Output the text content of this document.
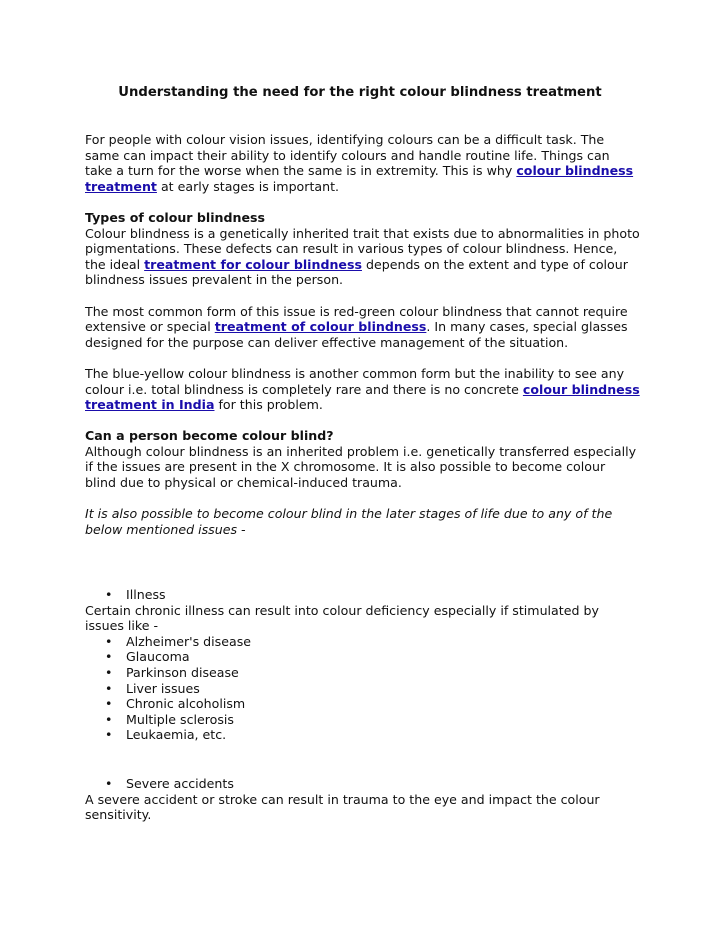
Understanding the need for the right colour blindness treatment

For people with colour vision issues, identifying colours can be a difficult task. The same can impact their ability to identify colours and handle routine life. Things can take a turn for the worse when the same is in extremity. This is why colour blindness treatment at early stages is important.

Types of colour blindness
Colour blindness is a genetically inherited trait that exists due to abnormalities in photo pigmentations. These defects can result in various types of colour blindness. Hence, the ideal treatment for colour blindness depends on the extent and type of colour blindness issues prevalent in the person.

The most common form of this issue is red-green colour blindness that cannot require extensive or special treatment of colour blindness. In many cases, special glasses designed for the purpose can deliver effective management of the situation.

The blue-yellow colour blindness is another common form but the inability to see any colour i.e. total blindness is completely rare and there is no concrete colour blindness treatment in India for this problem.

Can a person become colour blind?
Although colour blindness is an inherited problem i.e. genetically transferred especially if the issues are present in the X chromosome. It is also possible to become colour blind due to physical or chemical-induced trauma.

It is also possible to become colour blind in the later stages of life due to any of the below mentioned issues -

• Illness
Certain chronic illness can result into colour deficiency especially if stimulated by issues like -
• Alzheimer's disease
• Glaucoma
• Parkinson disease
• Liver issues
• Chronic alcoholism
• Multiple sclerosis
• Leukaemia, etc.
• Severe accidents
A severe accident or stroke can result in trauma to the eye and impact the colour sensitivity.
